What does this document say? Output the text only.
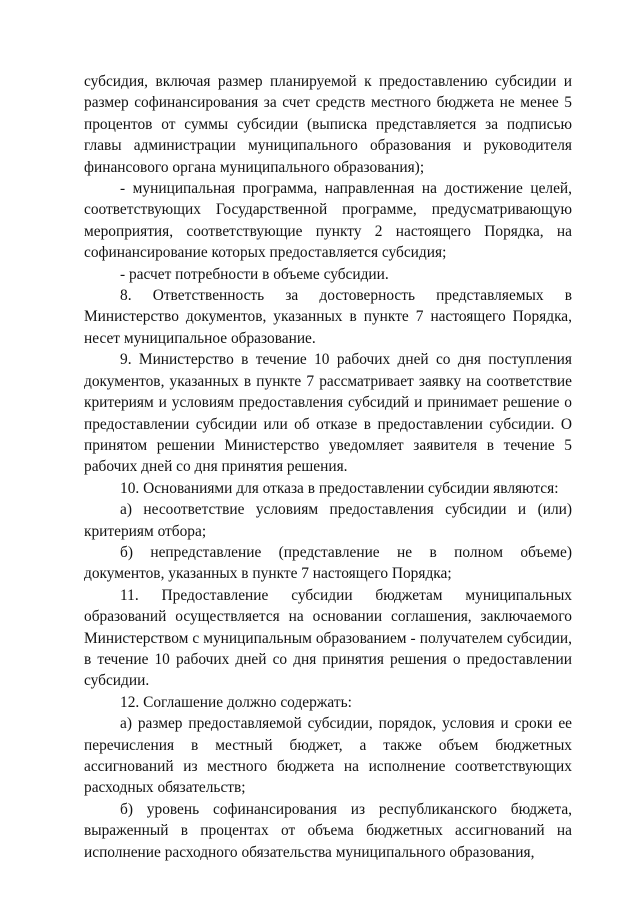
субсидия, включая размер планируемой к предоставлению субсидии и размер софинансирования за счет средств местного бюджета не менее 5 процентов от суммы субсидии (выписка представляется за подписью главы администрации муниципального образования и руководителя финансового органа муниципального образования);

- муниципальная программа, направленная на достижение целей, соответствующих Государственной программе, предусматривающую мероприятия, соответствующие пункту 2 настоящего Порядка, на софинансирование которых предоставляется субсидия;

- расчет потребности в объеме субсидии.

8. Ответственность за достоверность представляемых в Министерство документов, указанных в пункте 7 настоящего Порядка, несет муниципальное образование.

9. Министерство в течение 10 рабочих дней со дня поступления документов, указанных в пункте 7 рассматривает заявку на соответствие критериям и условиям предоставления субсидий и принимает решение о предоставлении субсидии или об отказе в предоставлении субсидии. О принятом решении Министерство уведомляет заявителя в течение 5 рабочих дней со дня принятия решения.

10. Основаниями для отказа в предоставлении субсидии являются:

а) несоответствие условиям предоставления субсидии и (или) критериям отбора;

б) непредставление (представление не в полном объеме) документов, указанных в пункте 7 настоящего Порядка;

11. Предоставление субсидии бюджетам муниципальных образований осуществляется на основании соглашения, заключаемого Министерством с муниципальным образованием - получателем субсидии, в течение 10 рабочих дней со дня принятия решения о предоставлении субсидии.

12. Соглашение должно содержать:

а) размер предоставляемой субсидии, порядок, условия и сроки ее перечисления в местный бюджет, а также объем бюджетных ассигнований из местного бюджета на исполнение соответствующих расходных обязательств;

б) уровень софинансирования из республиканского бюджета, выраженный в процентах от объема бюджетных ассигнований на исполнение расходного обязательства муниципального образования,
